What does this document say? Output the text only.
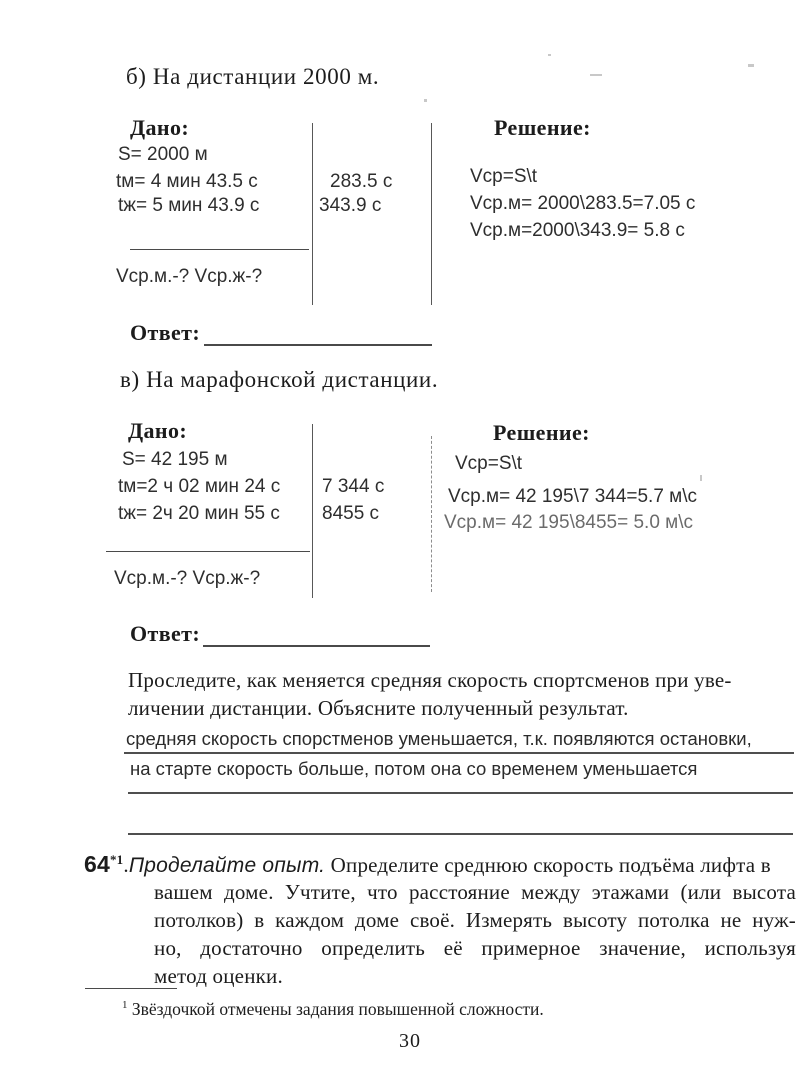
б) На дистанции 2000 м.
Дано:	Решение:
S= 2000 м
tм= 4 мин 43.5 с
tж= 5 мин 43.9 с
283.5 с
343.9 с
Vср.м.-? Vср.ж-?
Vср=S\t
Vср.м= 2000\283.5=7.05 с
Vср.м=2000\343.9= 5.8 с
Ответ:
в) На марафонской дистанции.
Дано:	Решение:
S= 42 195 м
tм=2 ч 02 мин 24 с
tж= 2ч 20 мин 55 с
7 344 с
8455 с
Vср.м.-? Vср.ж-?
Vср=S\t
Vср.м= 42 195\7 344=5.7 м\с
Vср.м= 42 195\8455= 5.0 м\с
Ответ:
Проследите, как меняется средняя скорость спортсменов при уве-
личении дистанции. Объясните полученный результат.
средняя скорость спорстменов уменьшается, т.к. появляются остановки,
на старте скорость больше, потом она со временем уменьшается
64$^{*1}$.Проделайте опыт. Определите среднюю скорость подъёма лифта в
вашем доме. Учтите, что расстояние между этажами (или высота
потолков) в каждом доме своё. Измерять высоту потолка не нуж-
но, достаточно определить её примерное значение, используя
метод оценки.
$^1$ Звёздочкой отмечены задания повышенной сложности.
30
